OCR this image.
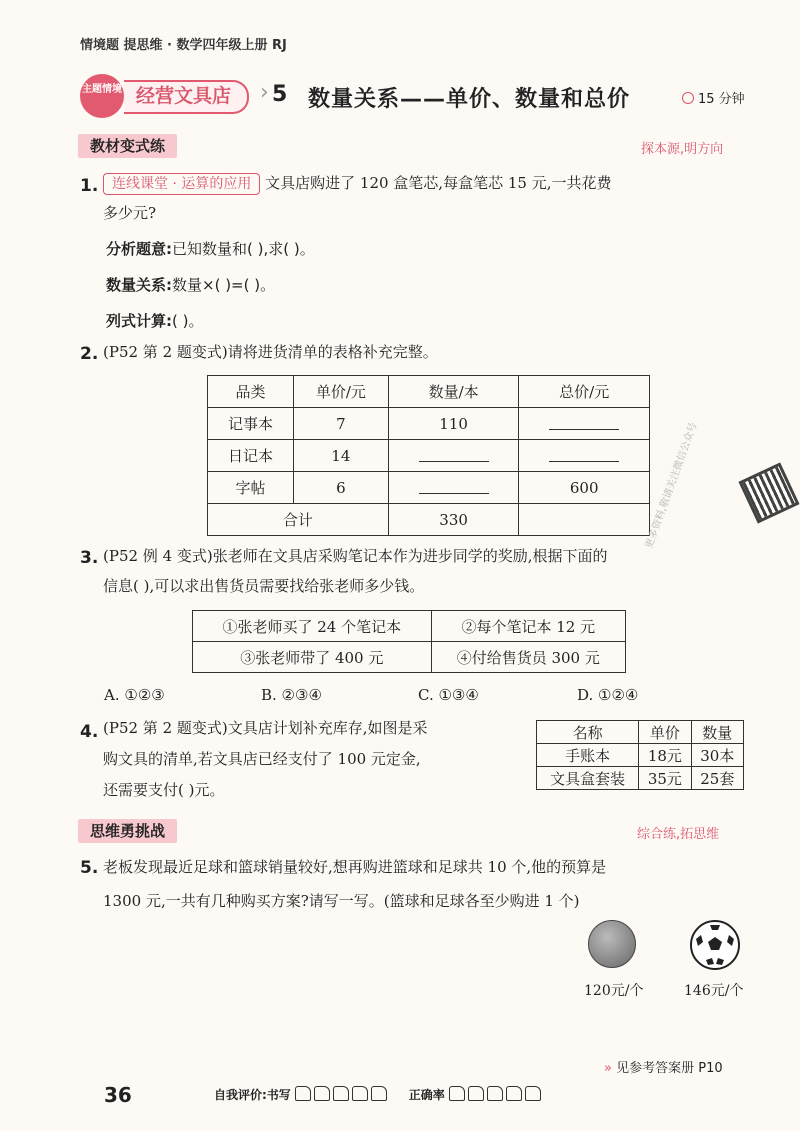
情境题 提思维 · 数学四年级上册 RJ
主题情境 经营文具店	› 5 数量关系——单价、数量和总价	15 分钟
教材变式练	探本源,明方向
1. 连线课堂 · 运算的应用 文具店购进了 120 盒笔芯,每盒笔芯 15 元,一共花费
多少元?
分析题意:已知数量和( ),求( )。
数量关系:数量×( )=( )。
列式计算:( )。
2. (P52 第 2 题变式)请将进货清单的表格补充完整。
品类	单价/元	数量/本	总价/元
记事本	7	110	
日记本	14		
字帖	6		600
合计		330	
3. (P52 例 4 变式)张老师在文具店采购笔记本作为进步同学的奖励,根据下面的
信息( ),可以求出售货员需要找给张老师多少钱。
①张老师买了 24 个笔记本	②每个笔记本 12 元
③张老师带了 400 元	④付给售货员 300 元
A. ①②③	B. ②③④	C. ①③④	D. ①②④
4. (P52 第 2 题变式)文具店计划补充库存,如图是采
购文具的清单,若文具店已经支付了 100 元定金,
还需要支付( )元。
名称	单价	数量
手账本	18元	30本
文具盒套装	35元	25套
思维勇挑战	综合练,拓思维
5. 老板发现最近足球和篮球销量较好,想再购进篮球和足球共 10 个,他的预算是
1300 元,一共有几种购买方案?请写一写。(篮球和足球各至少购进 1 个)
120元/个	146元/个
更多资料,敬请关注微信公众号
» 见参考答案册 P10
36	自我评价:书写	正确率
